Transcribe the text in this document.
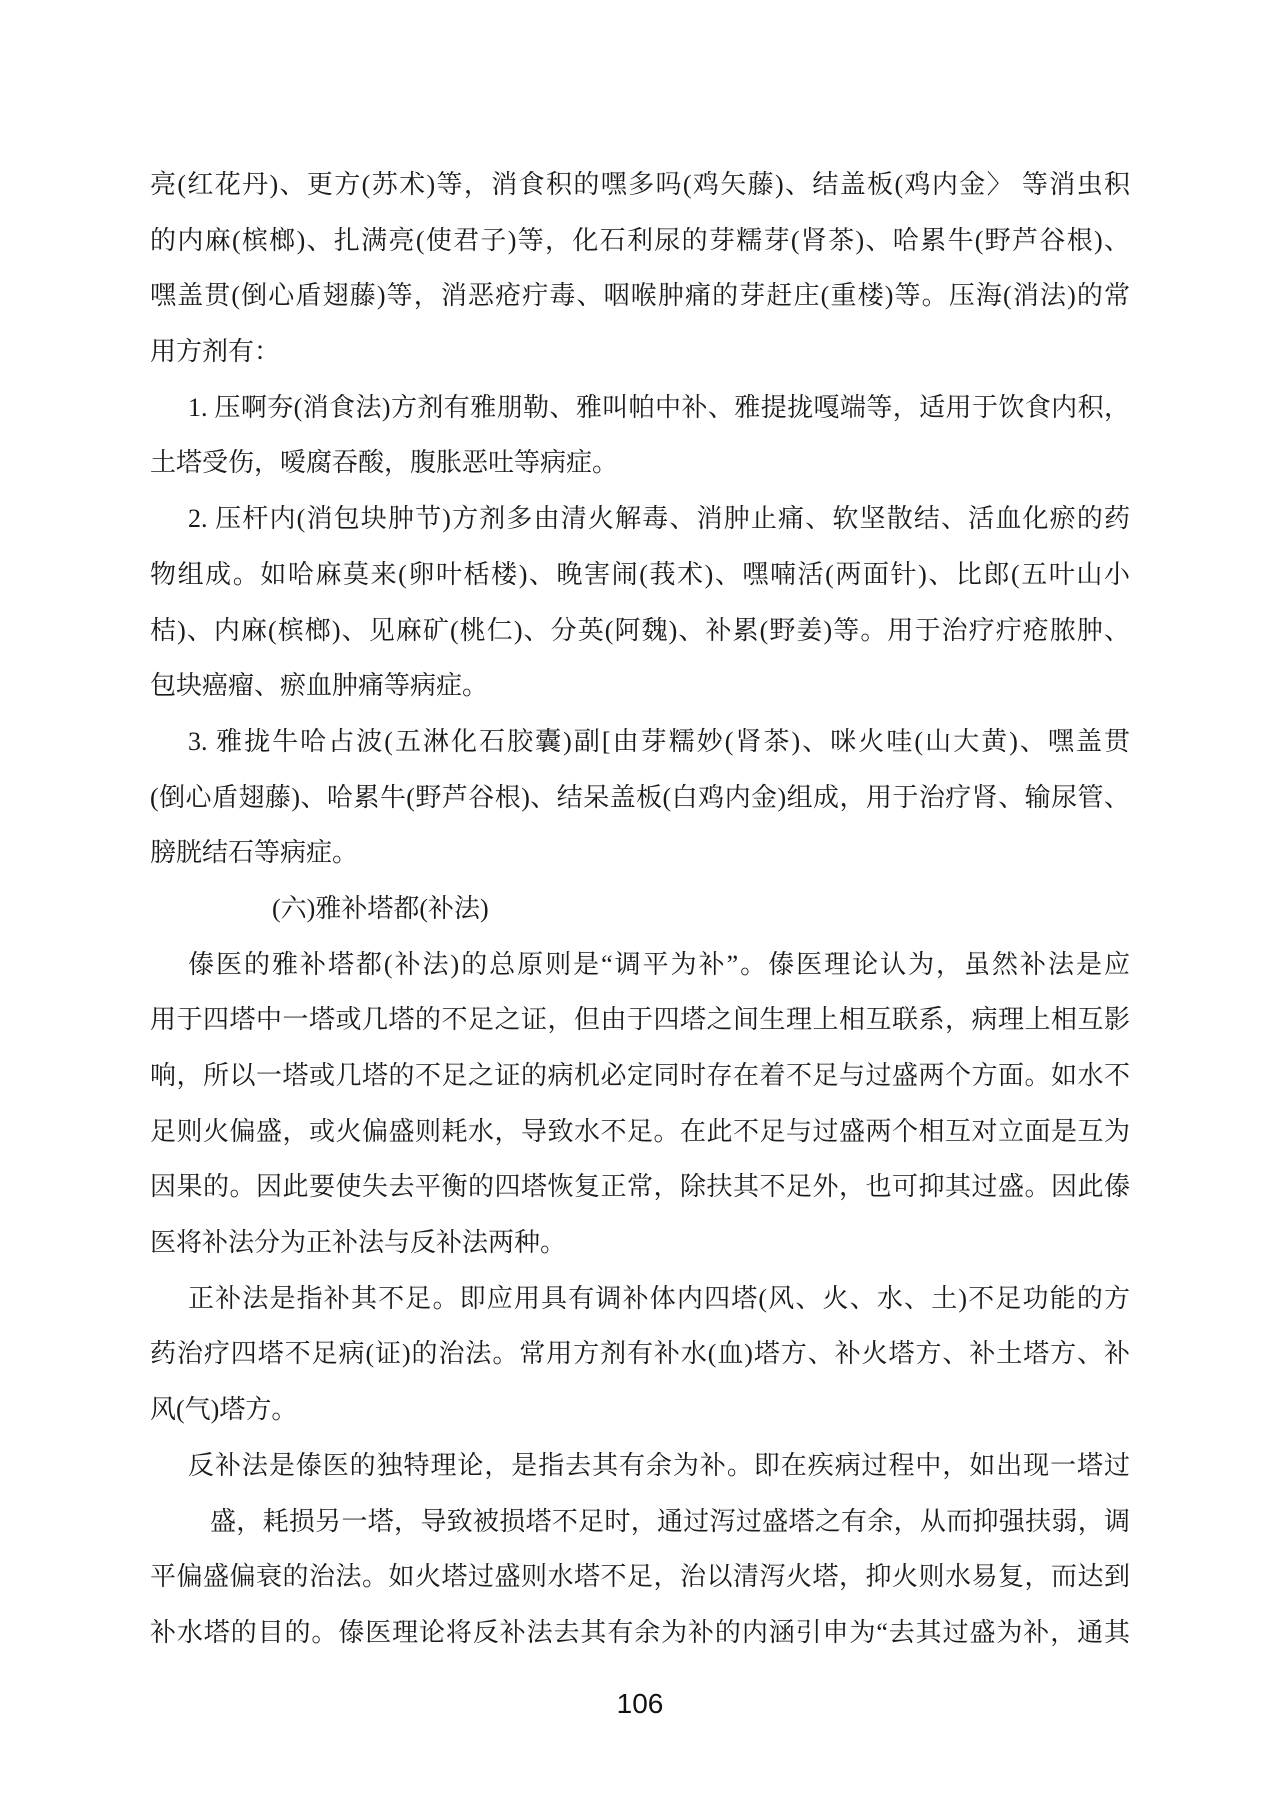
亮(红花丹)、更方(苏术)等，消食积的嘿多吗(鸡矢藤)、结盖板(鸡内金〉 等消虫积
的内麻(槟榔)、扎满亮(使君子)等，化石利尿的芽糯芽(肾茶)、哈累牛(野芦谷根)、
嘿盖贯(倒心盾翅藤)等，消恶疮疔毒、咽喉肿痛的芽赶庄(重楼)等。压海(消法)的常
用方剂有：
1. 压啊夯(消食法)方剂有雅朋勒、雅叫帕中补、雅提拢嘎端等，适用于饮食内积，
土塔受伤，嗳腐吞酸，腹胀恶吐等病症。
2. 压杆内(消包块肿节)方剂多由清火解毒、消肿止痛、软坚散结、活血化瘀的药
物组成。如哈麻莫来(卵叶栝楼)、晚害闹(莪术)、嘿喃活(两面针)、比郎(五叶山小
桔)、内麻(槟榔)、见麻矿(桃仁)、分英(阿魏)、补累(野姜)等。用于治疗疔疮脓肿、
包块癌瘤、瘀血肿痛等病症。
3. 雅拢牛哈占波(五淋化石胶囊)副[由芽糯妙(肾茶)、咪火哇(山大黄)、嘿盖贯
(倒心盾翅藤)、哈累牛(野芦谷根)、结呆盖板(白鸡内金)组成，用于治疗肾、输尿管、
膀胱结石等病症。
(六)雅补塔都(补法)
傣医的雅补塔都(补法)的总原则是“调平为补”。傣医理论认为，虽然补法是应
用于四塔中一塔或几塔的不足之证，但由于四塔之间生理上相互联系，病理上相互影
响，所以一塔或几塔的不足之证的病机必定同时存在着不足与过盛两个方面。如水不
足则火偏盛，或火偏盛则耗水，导致水不足。在此不足与过盛两个相互对立面是互为
因果的。因此要使失去平衡的四塔恢复正常，除扶其不足外，也可抑其过盛。因此傣
医将补法分为正补法与反补法两种。
正补法是指补其不足。即应用具有调补体内四塔(风、火、水、土)不足功能的方
药治疗四塔不足病(证)的治法。常用方剂有补水(血)塔方、补火塔方、补土塔方、补
风(气)塔方。
反补法是傣医的独特理论，是指去其有余为补。即在疾病过程中，如出现一塔过
盛，耗损另一塔，导致被损塔不足时，通过泻过盛塔之有余，从而抑强扶弱，调
平偏盛偏衰的治法。如火塔过盛则水塔不足，治以清泻火塔，抑火则水易复，而达到
补水塔的目的。傣医理论将反补法去其有余为补的内涵引申为“去其过盛为补，通其
106
